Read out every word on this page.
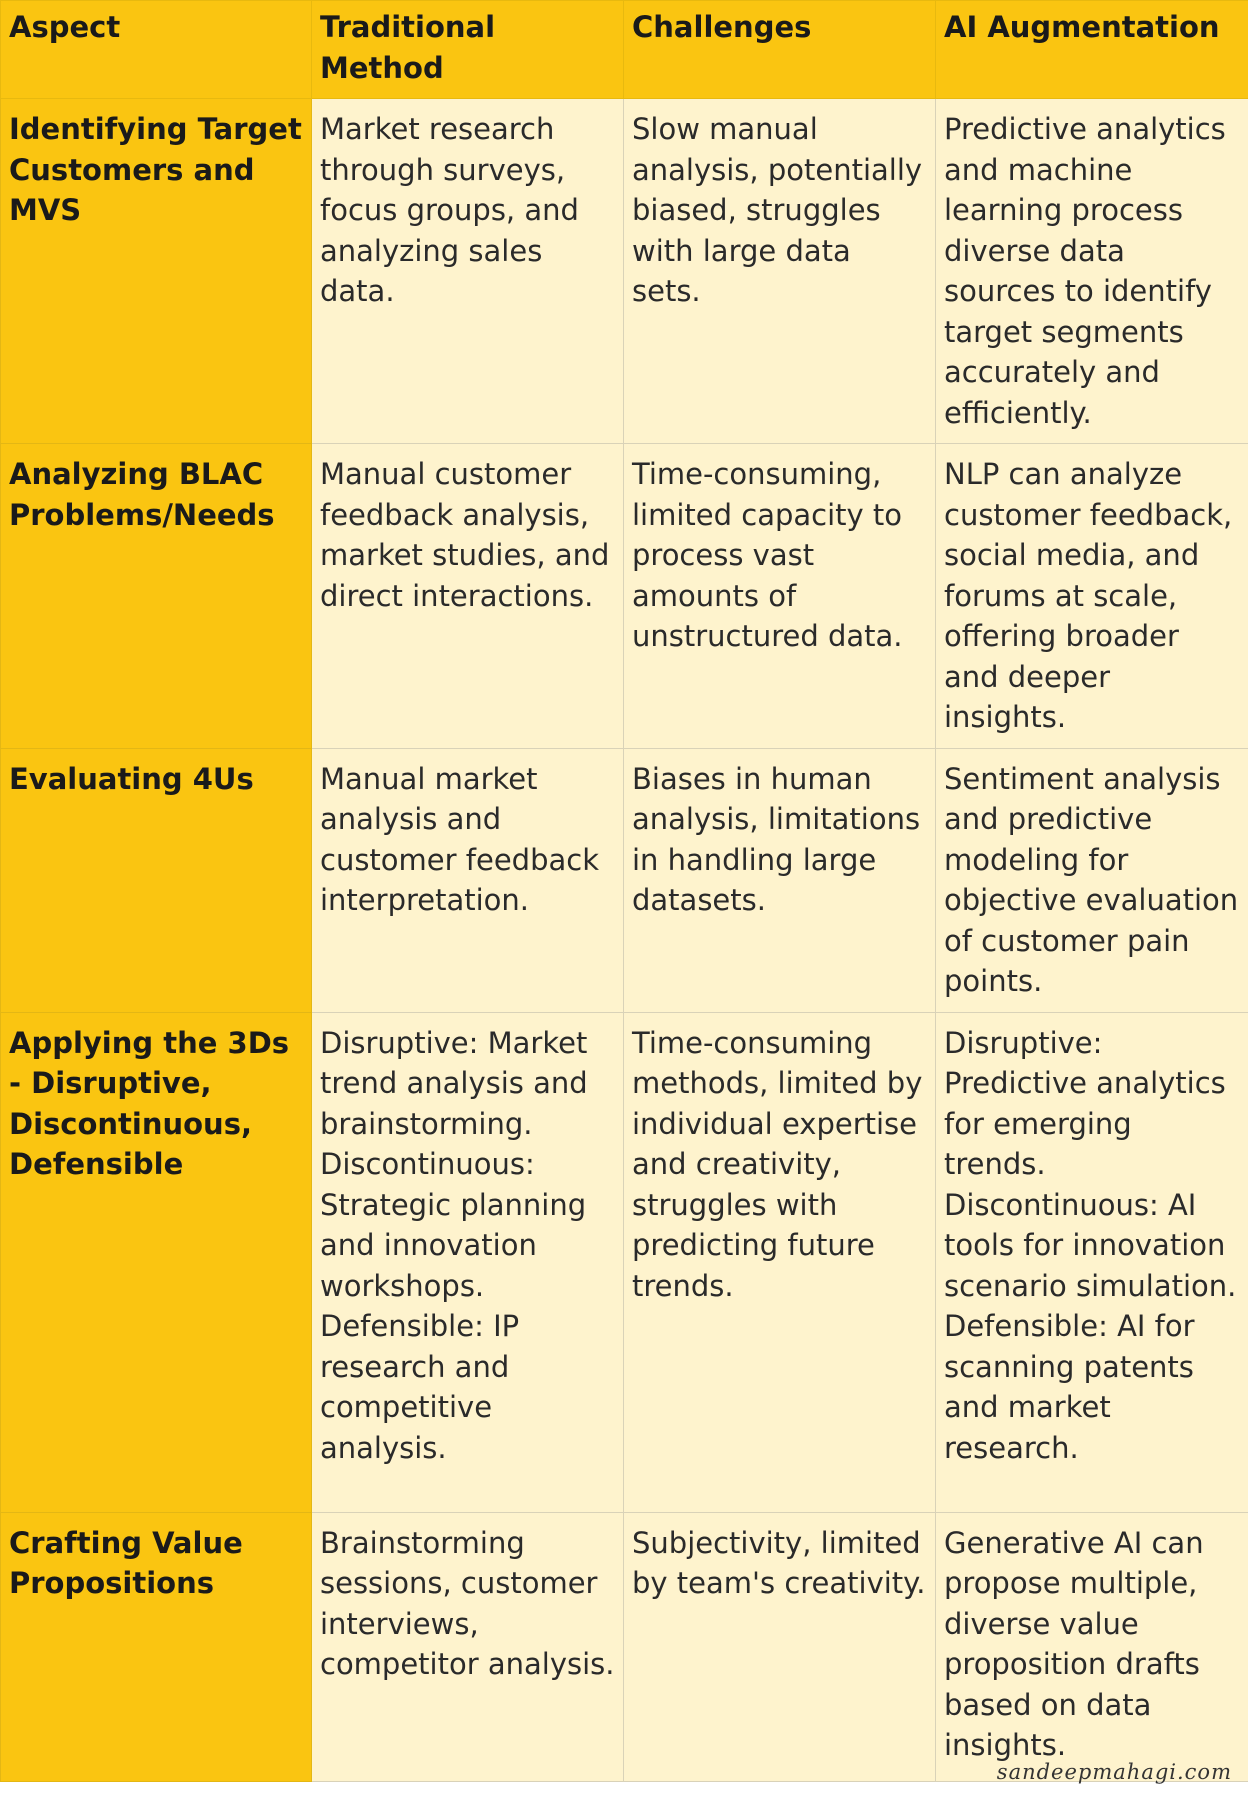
Aspect	Traditional Method	Challenges	AI Augmentation
Identifying Target Customers and MVS	Market research through surveys, focus groups, and analyzing sales data.	Slow manual analysis, potentially biased, struggles with large data sets.	Predictive analytics and machine learning process diverse data sources to identify target segments accurately and efficiently.
Analyzing BLAC Problems/Needs	Manual customer feedback analysis, market studies, and direct interactions.	Time-consuming, limited capacity to process vast amounts of unstructured data.	NLP can analyze customer feedback, social media, and forums at scale, offering broader and deeper insights.
Evaluating 4Us	Manual market analysis and customer feedback interpretation.	Biases in human analysis, limitations in handling large datasets.	Sentiment analysis and predictive modeling for objective evaluation of customer pain points.
Applying the 3Ds - Disruptive, Discontinuous, Defensible	Disruptive: Market trend analysis and brainstorming. Discontinuous: Strategic planning and innovation workshops. Defensible: IP research and competitive analysis.	Time-consuming methods, limited by individual expertise and creativity, struggles with predicting future trends.	Disruptive: Predictive analytics for emerging trends. Discontinuous: AI tools for innovation scenario simulation. Defensible: AI for scanning patents and market research.
Crafting Value Propositions	Brainstorming sessions, customer interviews, competitor analysis.	Subjectivity, limited by team's creativity.	Generative AI can propose multiple, diverse value proposition drafts based on data insights.
sandeepmahagi.com
